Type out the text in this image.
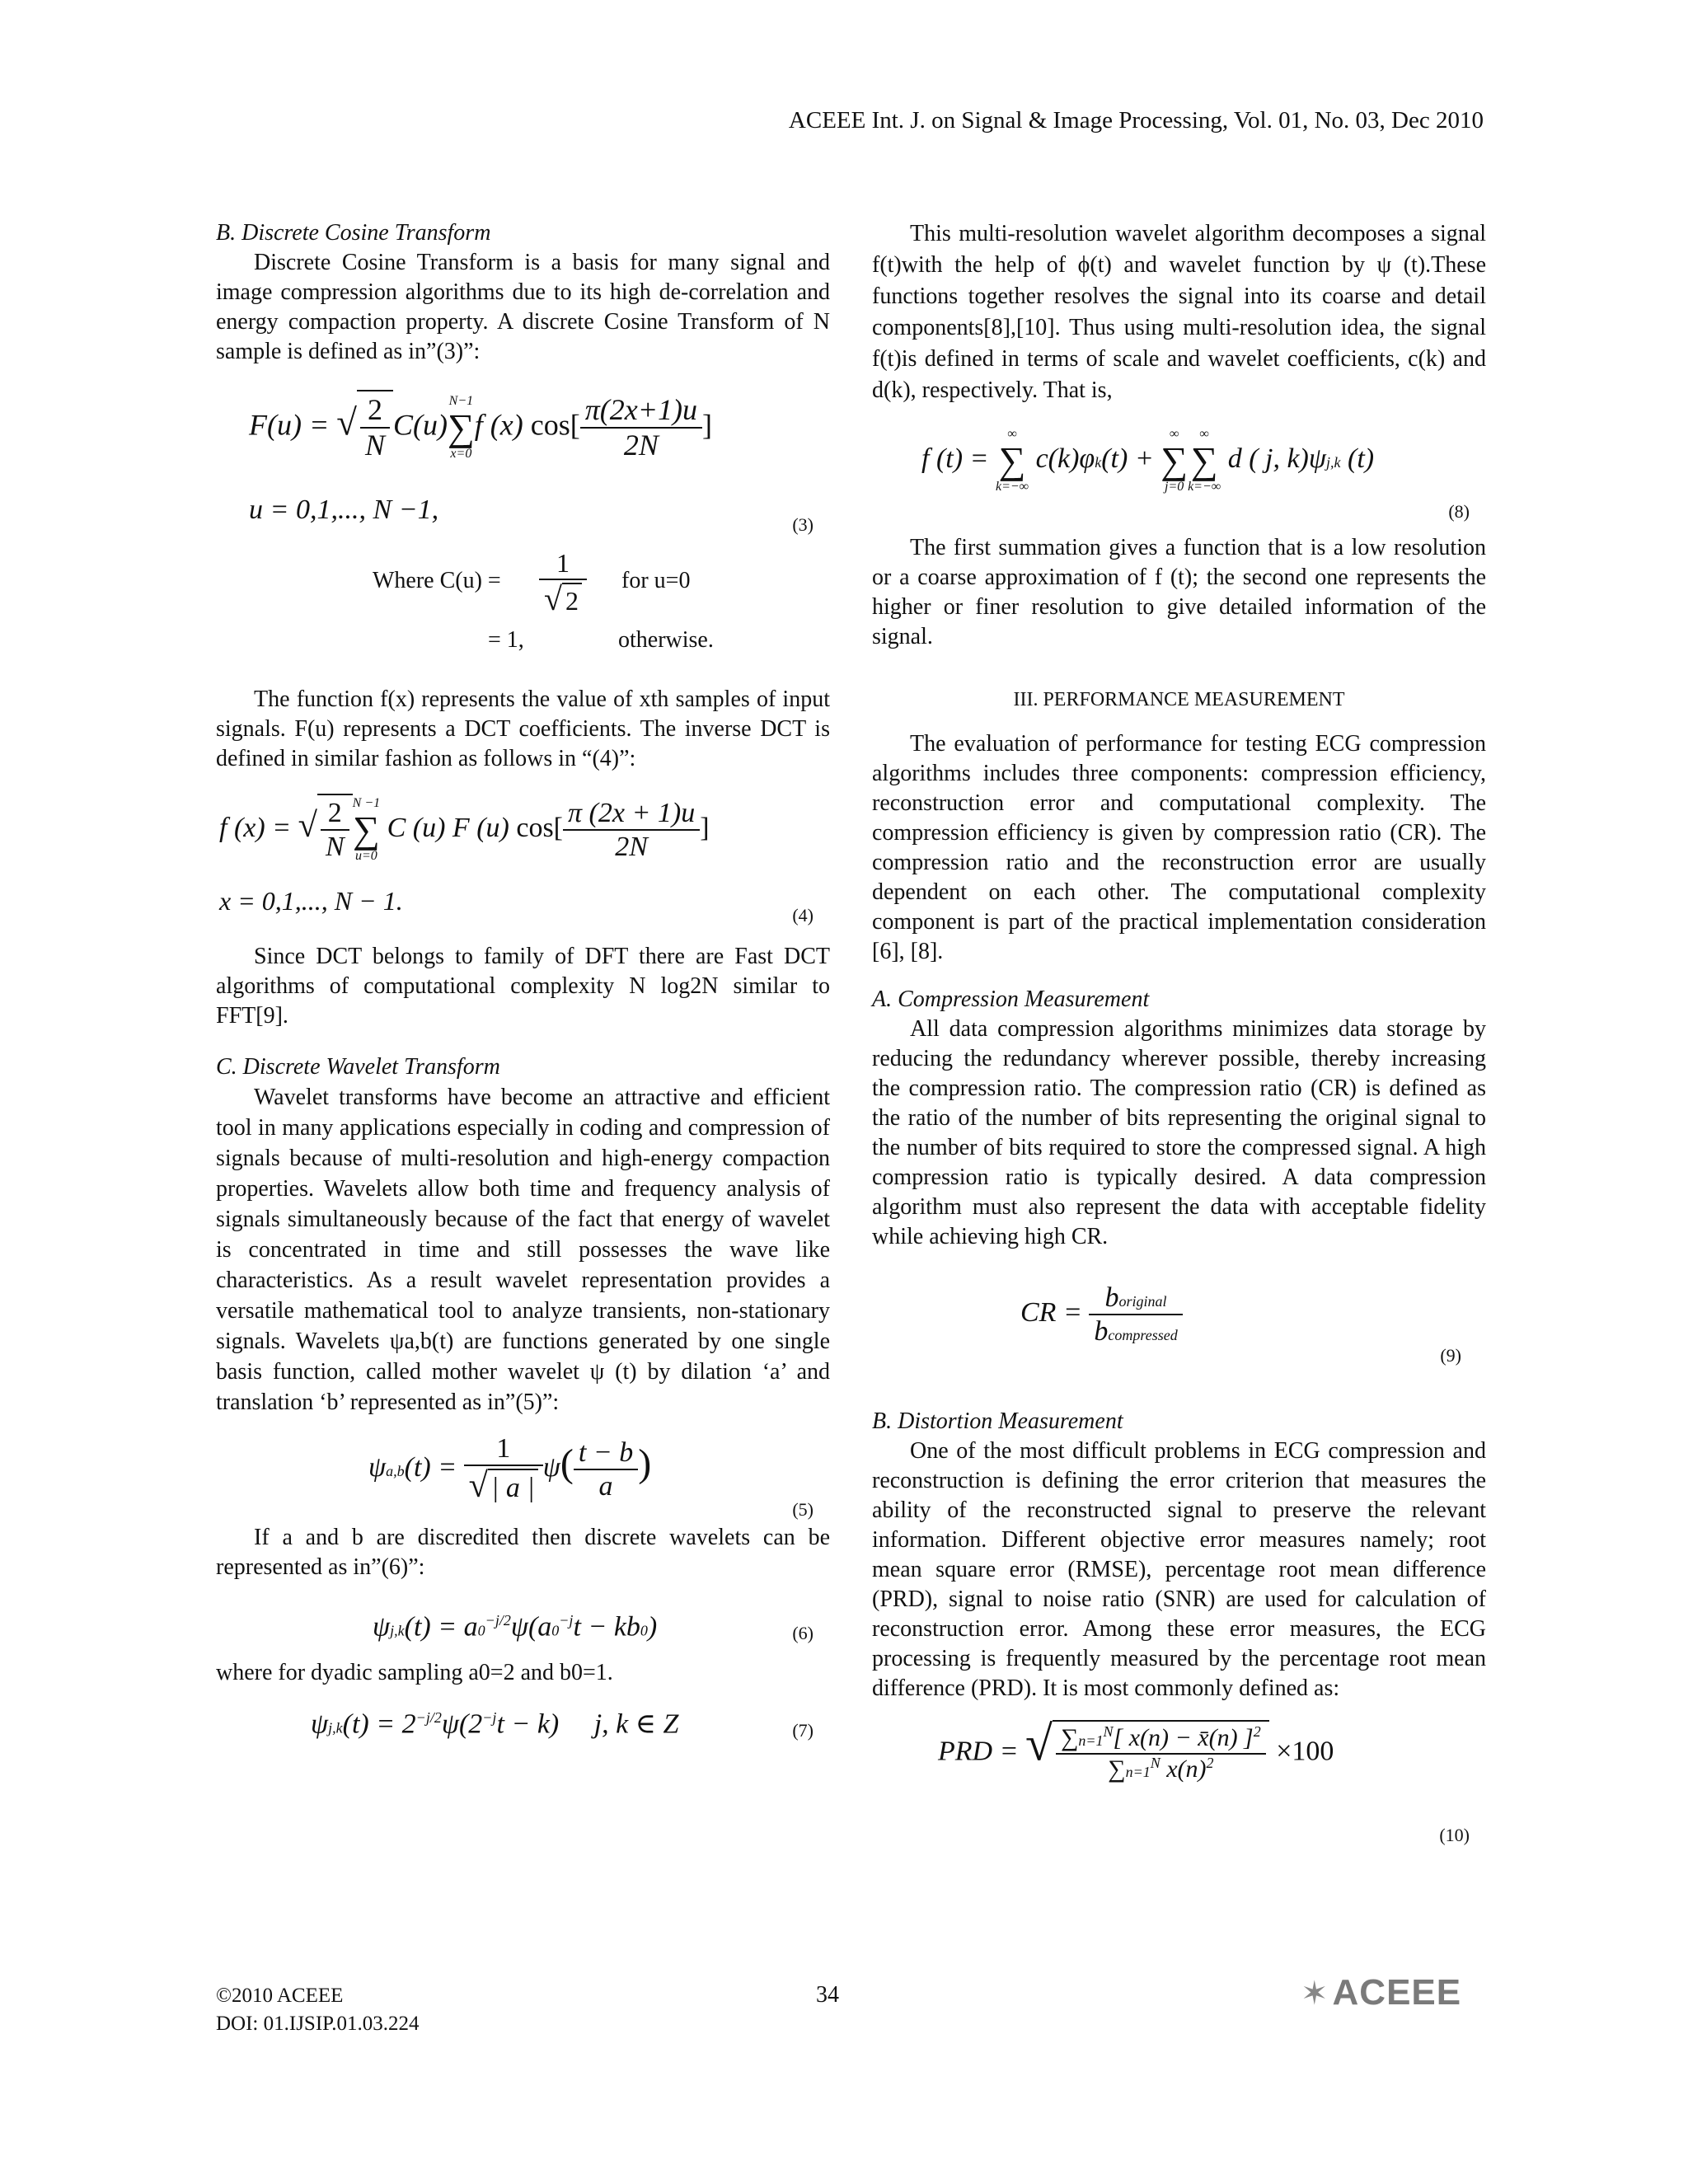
ACEEE Int. J. on Signal & Image Processing, Vol. 01, No. 03, Dec 2010
B. Discrete Cosine Transform

Discrete Cosine Transform is a basis for many signal and image compression algorithms due to its high de-correlation and energy compaction property. A discrete Cosine Transform of N sample is defined as in”(3)”:

F(u) = √ $\frac{2}{N} C(u)$
N−1
∑
x=0
f (x) $\cos[ \frac{\pi(2x+1)u}{2N}$ ]
u = 0,1,..., N −1,	(3)
Where $C(u) = \frac{1}{√ 2}$ for u=0
= 1,	otherwise.

The function f(x) represents the value of xth samples of input signals. F(u) represents a DCT coefficients. The inverse DCT is defined in similar fashion as follows in “(4)”:

f (x) = √ $\frac{2}{N}$ N −1
∑
u=0
C (u) F (u) $\cos[ \frac{\pi (2x + 1)u}{2N}$ ]
x = 0,1,..., N − 1.	(4)

Since DCT belongs to family of DFT there are Fast DCT algorithms of computational complexity N log2N similar to FFT[9].

C. Discrete Wavelet Transform

Wavelet transforms have become an attractive and efficient tool in many applications especially in coding and compression of signals because of multi-resolution and high-energy compaction properties. Wavelets allow both time and frequency analysis of signals simultaneously because of the fact that energy of wavelet is concentrated in time and still possesses the wave like characteristics. As a result wavelet representation provides a versatile mathematical tool to analyze transients, non-stationary signals. Wavelets ψa,b(t) are functions generated by one single basis function, called mother wavelet ψ (t) by dilation ‘a’ and translation ‘b’ represented as in”(5)”:

$\psi a,b(t) = \frac{1}{√ | a |} \psi( \frac{t - b}{a}$ )
(5)

If a and b are discredited then discrete wavelets can be represented as in”(6)”:

$\psi j,k(t) = a0^{-j/2}\psi(a0^{-j}t - kb0)$	(6)

where for dyadic sampling a0=2 and b0=1.

$\psi j,k(t) = 2^{-j/2}\psi(2^{-j}t - k)$     j, k ∈ Z	(7)

This multi-resolution wavelet algorithm decomposes a signal f(t)with the help of ϕ(t) and wavelet function by ψ (t).These functions together resolves the signal into its coarse and detail components[8],[10]. Thus using multi-resolution idea, the signal f(t)is defined in terms of scale and wavelet coefficients, c(k) and d(k), respectively. That is,

f (t) =
∞
∑
k=−∞
c(k)φk(t) +
∞
∑
j=0
∞
∑
k=−∞
d ( j, k)ψj,k (t)
(8)

The first summation gives a function that is a low resolution or a coarse approximation of f (t); the second one represents the higher or finer resolution to give detailed information of the signal.

III. PERFORMANCE MEASUREMENT

The evaluation of performance for testing ECG compression algorithms includes three components: compression efficiency, reconstruction error and computational complexity. The compression efficiency is given by compression ratio (CR). The compression ratio and the reconstruction error are usually dependent on each other. The computational complexity component is part of the practical implementation consideration [6], [8].

A. Compression Measurement

All data compression algorithms minimizes data storage by reducing the redundancy wherever possible, thereby increasing the compression ratio. The compression ratio (CR) is defined as the ratio of the number of bits representing the original signal to the number of bits required to store the compressed signal. A high compression ratio is typically desired. A data compression algorithm must also represent the data with acceptable fidelity while achieving high CR.

CR = $\frac{\text{boriginal}}{\text{bcompressed}}$
(9)
B. Distortion Measurement

One of the most difficult problems in ECG compression and reconstruction is defining the error criterion that measures the ability of the reconstructed signal to preserve the relevant information. Different objective error measures namely; root mean square error (RMSE), percentage root mean difference (PRD), signal to noise ratio (SNR) are used for calculation of reconstruction error. Among these error measures, the ECG processing is frequently measured by the percentage root mean difference (PRD). It is most commonly defined as:

PRD = √ $\frac{\sum n=1^N[ x(n) - x̄(n) ]^2}{\sum n=1^N x(n)^2} \times 100$
(10)
©2010 ACEEE
DOI: 01.IJSIP.01.03.224
34	✶ACEEE
